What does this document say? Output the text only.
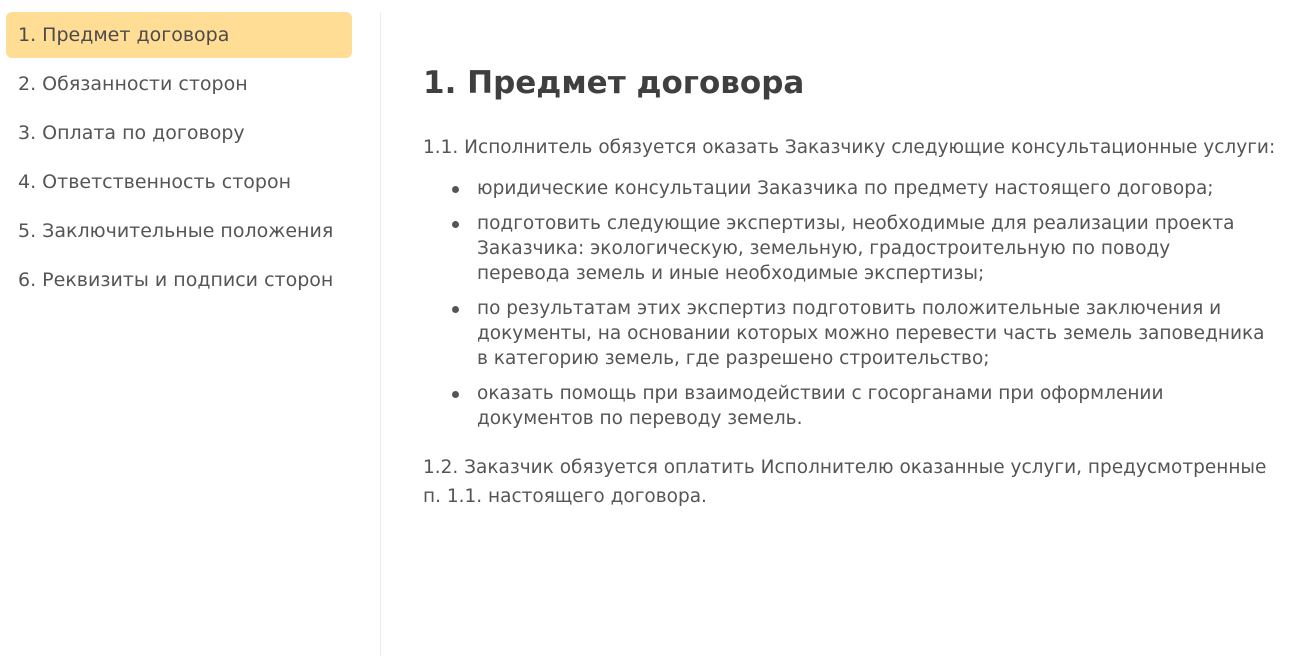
1. Предмет договора
2. Обязанности сторон
3. Оплата по договору
4. Ответственность сторон
5. Заключительные положения
6. Реквизиты и подписи сторон
1. Предмет договора

1.1. Исполнитель обязуется оказать Заказчику следующие консультационные услуги:

юридические консультации Заказчика по предмету настоящего договора;
подготовить следующие экспертизы, необходимые для реализации проекта Заказчика: экологическую, земельную, градостроительную по поводу перевода земель и иные необходимые экспертизы;
по результатам этих экспертиз подготовить положительные заключения и документы, на основании которых можно перевести часть земель заповедника в категорию земель, где разрешено строительство;
оказать помощь при взаимодействии с госорганами при оформлении документов по переводу земель.

1.2. Заказчик обязуется оплатить Исполнителю оказанные услуги, предусмотренные п. 1.1. настоящего договора.
